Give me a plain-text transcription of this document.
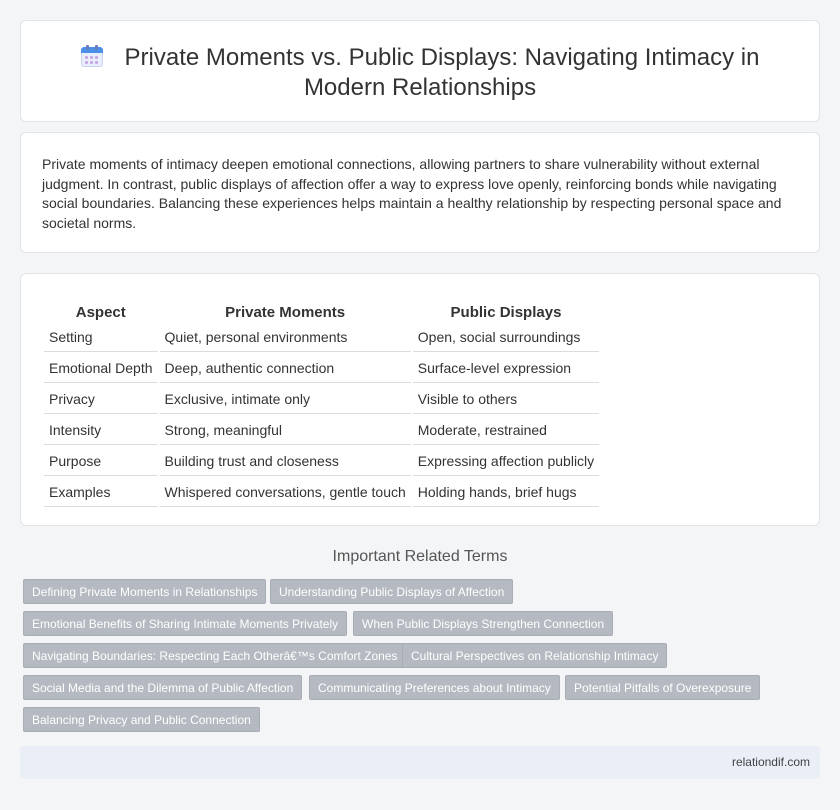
Private Moments vs. Public Displays: Navigating Intimacy in
Modern Relationships

Private moments of intimacy deepen emotional connections, allowing partners to share vulnerability without external judgment. In contrast, public displays of affection offer a way to express love openly, reinforcing bonds while navigating social boundaries. Balancing these experiences helps maintain a healthy relationship by respecting personal space and societal norms.

Aspect	Private Moments	Public Displays
Setting	Quiet, personal environments	Open, social surroundings
Emotional Depth	Deep, authentic connection	Surface-level expression
Privacy	Exclusive, intimate only	Visible to others
Intensity	Strong, meaningful	Moderate, restrained
Purpose	Building trust and closeness	Expressing affection publicly
Examples	Whispered conversations, gentle touch	Holding hands, brief hugs
Important Related Terms
Defining Private Moments in Relationships	Understanding Public Displays of Affection
Emotional Benefits of Sharing Intimate Moments Privately	When Public Displays Strengthen Connection
Navigating Boundaries: Respecting Each Otherâ€™s Comfort Zones	Cultural Perspectives on Relationship Intimacy
Social Media and the Dilemma of Public Affection	Communicating Preferences about Intimacy	Potential Pitfalls of Overexposure
Balancing Privacy and Public Connection
relationdif.com
